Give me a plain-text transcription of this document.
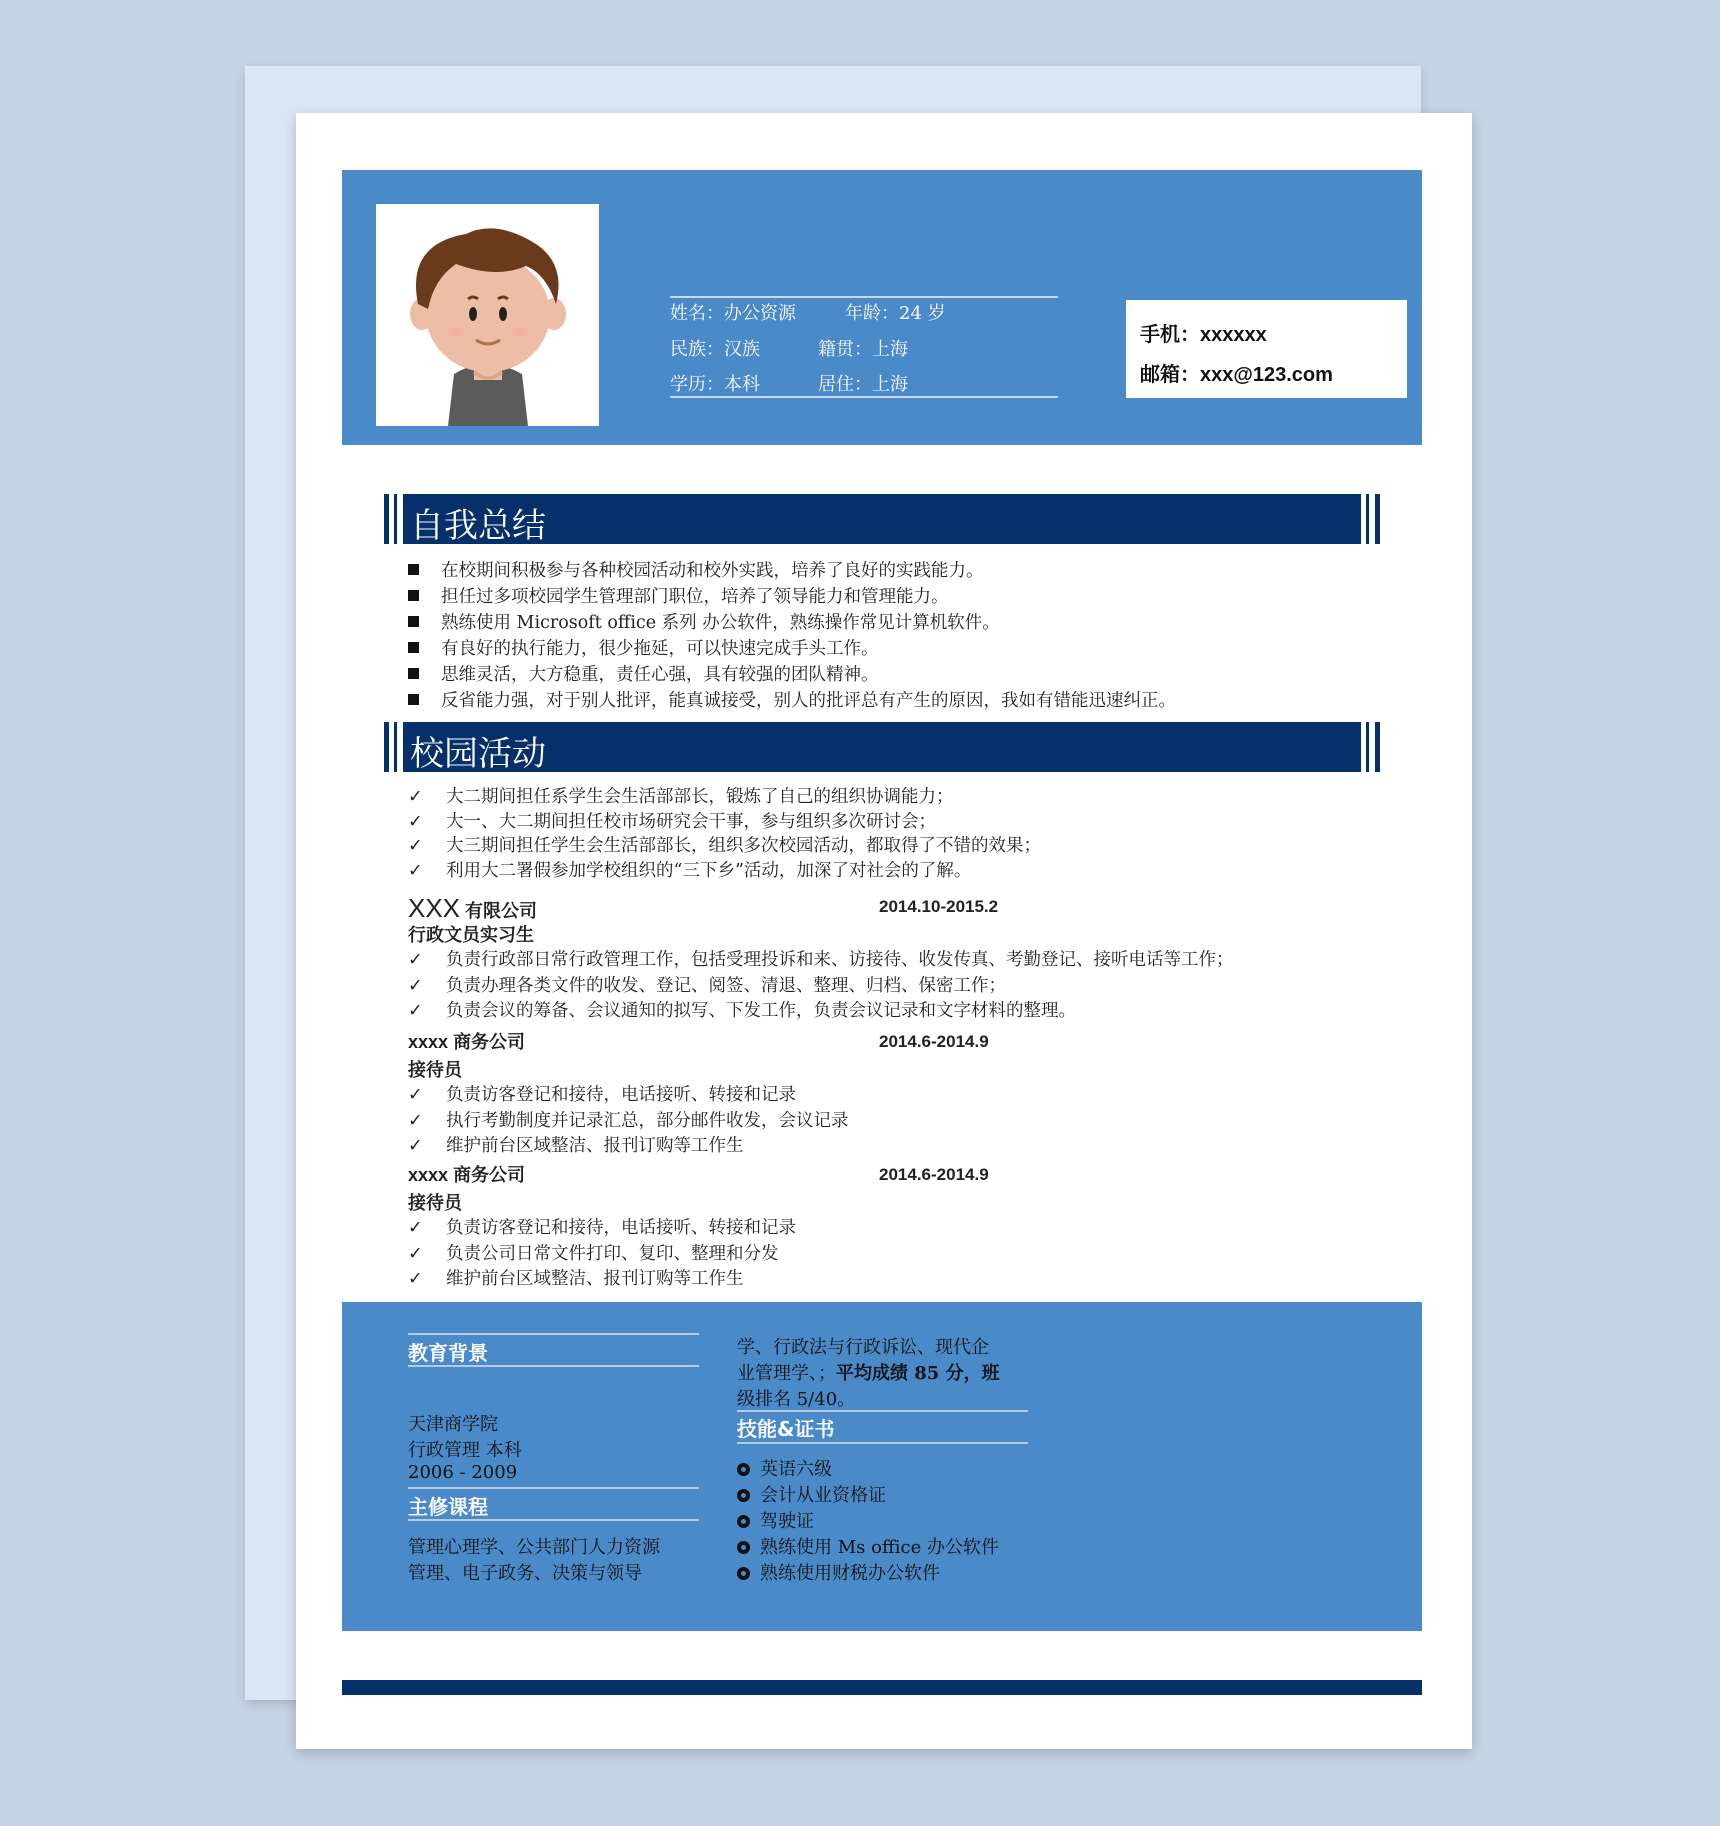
姓名：办公资源	年龄：24 岁
民族：汉族	籍贯：上海
学历：本科	居住：上海
手机：xxxxxx
邮箱：xxx@123.com
自我总结
在校期间积极参与各种校园活动和校外实践，培养了良好的实践能力。
担任过多项校园学生管理部门职位，培养了领导能力和管理能力。
熟练使用 Microsoft office 系列 办公软件，熟练操作常见计算机软件。
有良好的执行能力，很少拖延，可以快速完成手头工作。
思维灵活，大方稳重，责任心强，具有较强的团队精神。
反省能力强，对于别人批评，能真诚接受，别人的批评总有产生的原因，我如有错能迅速纠正。
校园活动
✓ 大二期间担任系学生会生活部部长，锻炼了自己的组织协调能力；
✓ 大一、大二期间担任校市场研究会干事，参与组织多次研讨会；
✓ 大三期间担任学生会生活部部长，组织多次校园活动，都取得了不错的效果；
✓ 利用大二署假参加学校组织的“三下乡”活动，加深了对社会的了解。
XXX 有限公司	2014.10-2015.2
行政文员实习生
✓ 负责行政部日常行政管理工作，包括受理投诉和来、访接待、收发传真、考勤登记、接听电话等工作；
✓ 负责办理各类文件的收发、登记、阅签、清退、整理、归档、保密工作；
✓ 负责会议的筹备、会议通知的拟写、下发工作，负责会议记录和文字材料的整理。
xxxx 商务公司	2014.6-2014.9
接待员
✓ 负责访客登记和接待，电话接听、转接和记录
✓ 执行考勤制度并记录汇总，部分邮件收发，会议记录
✓ 维护前台区域整洁、报刊订购等工作生
xxxx 商务公司	2014.6-2014.9
接待员
✓ 负责访客登记和接待，电话接听、转接和记录
✓ 负责公司日常文件打印、复印、整理和分发
✓ 维护前台区域整洁、报刊订购等工作生
教育背景
天津商学院
行政管理 本科
2006 - 2009
主修课程
管理心理学、公共部门人力资源
管理、电子政务、决策与领导
学、行政法与行政诉讼、现代企
业管理学、；平均成绩 85 分，班
级排名 5/40。
技能&证书
英语六级
会计从业资格证
驾驶证
熟练使用 Ms office 办公软件
熟练使用财税办公软件
